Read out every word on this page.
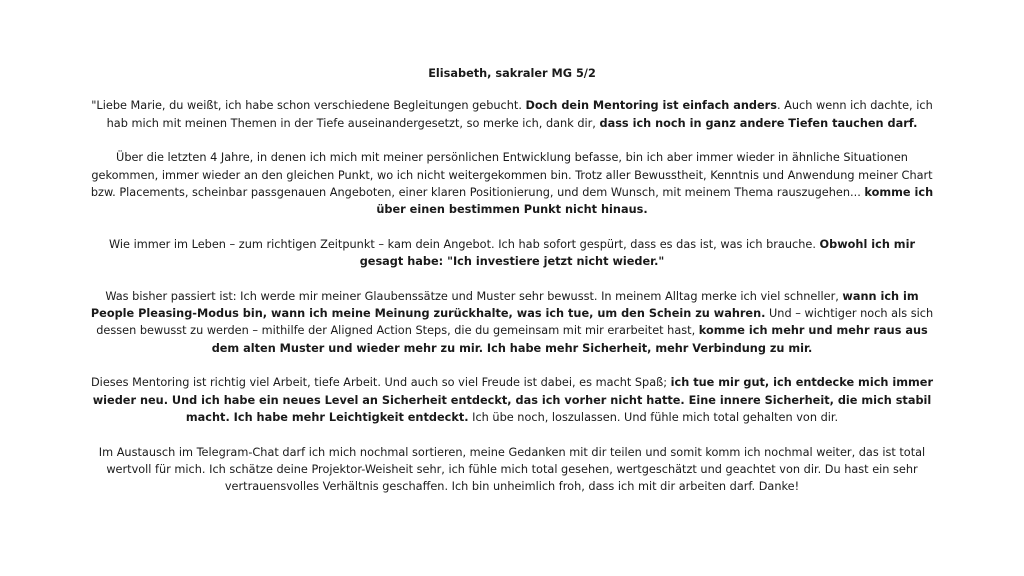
Elisabeth, sakraler MG 5/2

"Liebe Marie, du weißt, ich habe schon verschiedene Begleitungen gebucht. Doch dein Mentoring ist einfach anders. Auch wenn ich dachte, ich hab mich mit meinen Themen in der Tiefe auseinandergesetzt, so merke ich, dank dir, dass ich noch in ganz andere Tiefen tauchen darf.

Über die letzten 4 Jahre, in denen ich mich mit meiner persönlichen Entwicklung befasse, bin ich aber immer wieder in ähnliche Situationen gekommen, immer wieder an den gleichen Punkt, wo ich nicht weitergekommen bin. Trotz aller Bewusstheit, Kenntnis und Anwendung meiner Chart bzw. Placements, scheinbar passgenauen Angeboten, einer klaren Positionierung, und dem Wunsch, mit meinem Thema rauszugehen... komme ich über einen bestimmen Punkt nicht hinaus.

Wie immer im Leben – zum richtigen Zeitpunkt – kam dein Angebot. Ich hab sofort gespürt, dass es das ist, was ich brauche. Obwohl ich mir gesagt habe: "Ich investiere jetzt nicht wieder."

Was bisher passiert ist: Ich werde mir meiner Glaubenssätze und Muster sehr bewusst. In meinem Alltag merke ich viel schneller, wann ich im People Pleasing-Modus bin, wann ich meine Meinung zurückhalte, was ich tue, um den Schein zu wahren. Und – wichtiger noch als sich dessen bewusst zu werden – mithilfe der Aligned Action Steps, die du gemeinsam mit mir erarbeitet hast, komme ich mehr und mehr raus aus dem alten Muster und wieder mehr zu mir. Ich habe mehr Sicherheit, mehr Verbindung zu mir.

Dieses Mentoring ist richtig viel Arbeit, tiefe Arbeit. Und auch so viel Freude ist dabei, es macht Spaß; ich tue mir gut, ich entdecke mich immer wieder neu. Und ich habe ein neues Level an Sicherheit entdeckt, das ich vorher nicht hatte. Eine innere Sicherheit, die mich stabil macht. Ich habe mehr Leichtigkeit entdeckt. Ich übe noch, loszulassen. Und fühle mich total gehalten von dir.

Im Austausch im Telegram-Chat darf ich mich nochmal sortieren, meine Gedanken mit dir teilen und somit komm ich nochmal weiter, das ist total wertvoll für mich. Ich schätze deine Projektor-Weisheit sehr, ich fühle mich total gesehen, wertgeschätzt und geachtet von dir. Du hast ein sehr vertrauensvolles Verhältnis geschaffen. Ich bin unheimlich froh, dass ich mit dir arbeiten darf. Danke!
